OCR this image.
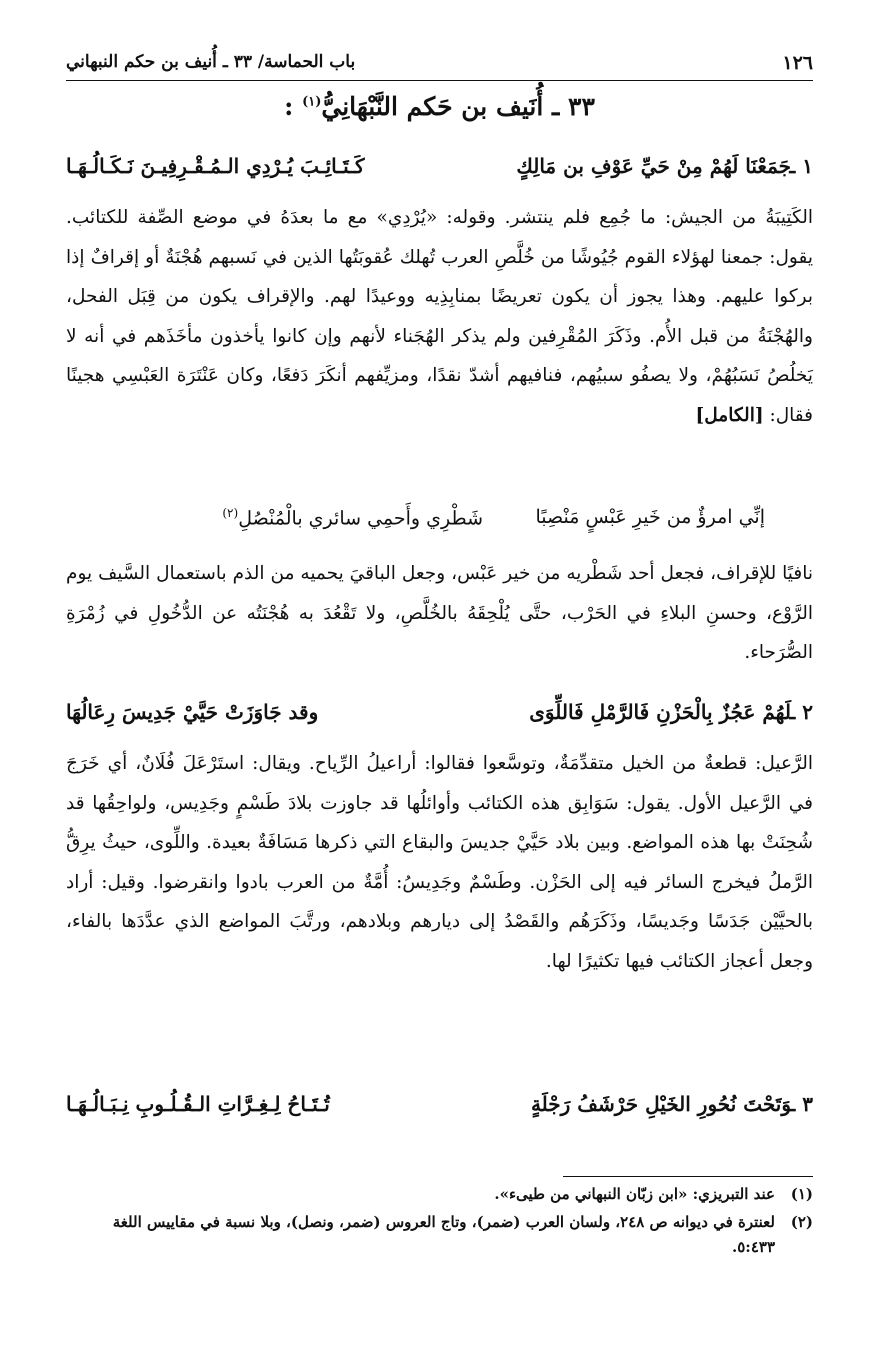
١٢٦
باب الحماسة/ ٣٣ ـ أُنيف بن حكم النبهاني
٣٣ ـ أُنَيف بن حَكم النَّبْهَانِيُّ$^{(١)}$ :
١ ـ
جَمَعْنَا لَهُمْ مِنْ حَيِّ عَوْفِ بن مَالِكٍ
كَـتَـائِـبَ يُـرْدِي الـمُـقْـرِفِيـنَ نَـكَـالُـهَـا
الكَتِيبَةُ من الجيش: ما جُمِع فلم ينتشر. وقوله: «يُرْدِي» مع ما بعدَهُ في موضع الصِّفة للكتائب. يقول: جمعنا لهؤلاء القوم جُيُوشًا من خُلَّصِ العرب تُهلك عُقوبَتُها الذين في نَسبهم هُجْنَةٌ أو إقرافٌ إذا بركوا عليهم. وهذا يجوز أن يكون تعريضًا بمنابِذِيه ووعيدًا لهم. والإقراف يكون من قِبَل الفحل، والهُجْنَةُ من قبل الأُم. وذَكَرَ المُقْرِفين ولم يذكر الهُجَناء لأنهم وإن كانوا يأخذون مأخَذَهم في أنه لا يَخلُصُ نَسَبُهُمْ، ولا يصفُو سبيُهم، فنافيهم أشدّ نقدًا، ومزيِّفهم أنكَرَ دَفعًا، وكان عَنْتَرَة العَبْسِي هجينًا فقال: [الكامل]
إنِّي امرؤٌ من خَيرِ عَبْسٍ مَنْصِبًا
شَطْرِي وأَحمِي سائري بالْمُنْصُلِ$^{(٢)}$
نافيًا للإقراف، فجعل أحد شَطْريه من خير عَبْس، وجعل الباقيَ يحميه من الذم باستعمال السَّيف يوم الرَّوْع، وحسنِ البلاءِ في الحَرْب، حتَّى يُلْحِقَهُ بالخُلَّصِ، ولا تَقْعُدَ به هُجْنَتُه عن الدُّخُولِ في زُمْرَةِ الصُّرَحاء.
٢ ـ
لَهُمْ عَجُزٌ بِالْحَزْنِ فَالرَّمْلِ فَاللِّوَى
وقد جَاوَزَتْ حَيَّيْ جَدِيسَ رِعَالُهَا
الرَّعيل: قطعةٌ من الخيل متقدِّمَةٌ، وتوسَّعوا فقالوا: أراعيلُ الرِّياح. ويقال: استَرْعَلَ فُلَانٌ، أي خَرَجَ في الرَّعيل الأول. يقول: سَوَابِق هذه الكتائب وأوائلُها قد جاوزت بلادَ طَسْمٍ وجَدِيس، ولواحِقُها قد شُحِنَتْ بها هذه المواضع. وبين بلاد حَيَّيْ جديسَ والبقاع التي ذكرها مَسَافَةٌ بعيدة. واللِّوى، حيثُ يرِقُّ الرَّملُ فيخرج السائر فيه إلى الحَزْن. وطَسْمٌ وجَدِيسُ: أُمَّةٌ من العرب بادوا وانقرضوا. وقيل: أراد بالحيَّيْن جَدَسًا وجَديسًا، وذَكَرَهُم والقَصْدُ إلى ديارهم وبلادهم، ورتَّبَ المواضع الذي عدَّدَها بالفاء، وجعل أعجاز الكتائب فيها تكثيرًا لها.
٣ ـ
وَتَحْتَ نُحُورِ الخَيْلِ حَرْشَفُ رَجْلَةٍ
تُـتَـاحُ لِـغِـرَّاتِ الـقُـلُـوبِ نِـبَـالُـهَـا
(١)
عند التبريزي: «ابن زبّان النبهاني من طيىء».
(٢)
لعنترة في ديوانه ص ٢٤٨، ولسان العرب (ضمر)، وتاج العروس (ضمر، ونصل)، وبلا نسبة في مقاييس اللغة ٥:٤٣٣.
